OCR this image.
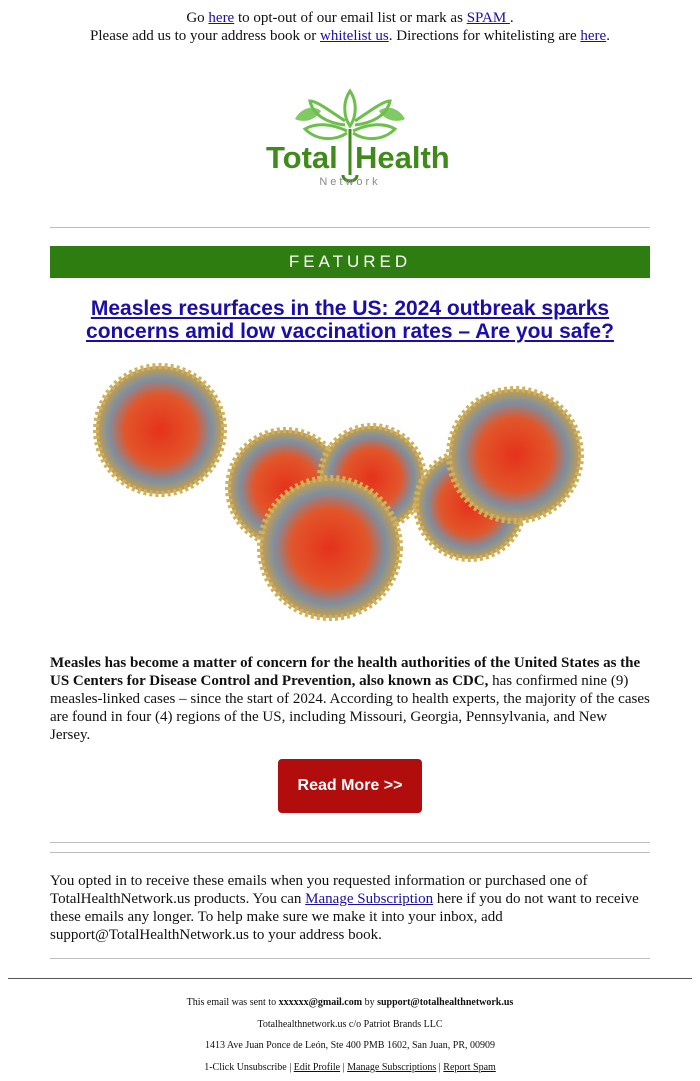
Go here to opt-out of our email list or mark as SPAM .
Please add us to your address book or whitelist us. Directions for whitelisting are here.
Total Health
Network
FEATURED
Measles resurfaces in the US: 2024 outbreak sparks concerns amid low vaccination rates – Are you safe?
Measles has become a matter of concern for the health authorities of the United States as the US Centers for Disease Control and Prevention, also known as CDC, has confirmed nine (9) measles-linked cases – since the start of 2024. According to health experts, the majority of the cases are found in four (4) regions of the US, including Missouri, Georgia, Pennsylvania, and New Jersey.
Read More >>
You opted in to receive these emails when you requested information or purchased one of TotalHealthNetwork.us products. You can Manage Subscription here if you do not want to receive these emails any longer. To help make sure we make it into your inbox, add support@TotalHealthNetwork.us to your address book.
This email was sent to xxxxxx@gmail.com by support@totalhealthnetwork.us
Totalhealthnetwork.us c/o Patriot Brands LLC
1413 Ave Juan Ponce de León, Ste 400 PMB 1602, San Juan, PR, 00909
1-Click Unsubscribe | Edit Profile | Manage Subscriptions | Report Spam
